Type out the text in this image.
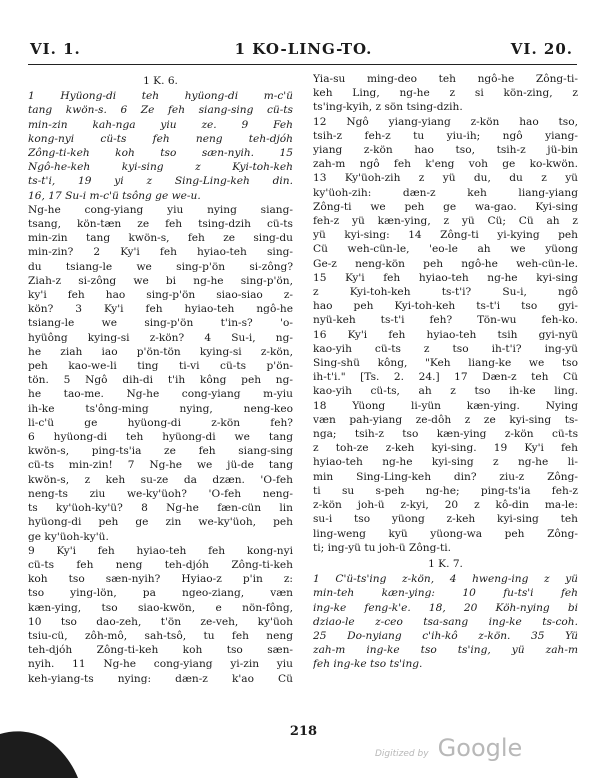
VI. 1.	1 KO-LING-TO.	VI. 20.
1 K. 6.
1 Hyüong-di teh hyüong-di m-c'ü
tang kwön-s. 6 Ze feh siang-sing cü-ts
min-zin kah-nga yiu ze. 9 Feh
kong-nyi cü-ts feh neng teh-djóh
Zông-ti-keh koh tso sæn-nyih. 15
Ngô-he-keh kyi-sing z Kyi-toh-keh
ts-t'i, 19 yi z Sing-Ling-keh din.
16, 17 Su-i m-c'ü tsông ge we-u.
Ng-he cong-yiang yiu nying siang-
tsang, kön-tæn ze feh tsing-dzih cü-ts
min-zin tang kwön-s, feh ze sing-du
min-zin? 2 Ky'i feh hyiao-teh sing-
du tsiang-le we sing-p'ön si-zông?
Ziah-z si-zông we bi ng-he sing-p'ön,
ky'i feh hao sing-p'ön siao-siao z-
kön? 3 Ky'i feh hyiao-teh ngô-he
tsiang-le we sing-p'ön t'in-s? 'o-
hyüông kying-si z-kön? 4 Su-i, ng-
he ziah iao p'ön-tön kying-si z-kön,
peh kao-we-li ting ti-vi cü-ts p'ön-
tön. 5 Ngô dih-di t'ih kông peh ng-
he tao-me. Ng-he cong-yiang m-yiu
ih-ke ts'ông-ming nying, neng-keo
li-c'ü ge hyüong-di z-kön feh?
6 hyüong-di teh hyüong-di we tang
kwön-s, ping-ts'ia ze feh siang-sing
cü-ts min-zin! 7 Ng-he we jü-de tang
kwön-s, z keh su-ze da dzæn. 'O-feh
neng-ts ziu we-ky'üoh? 'O-feh neng-
ts ky'üoh-ky'ü? 8 Ng-he fæn-cün lin
hyüong-di peh ge zin we-ky'üoh, peh
ge ky'üoh-ky'ü.
9 Ky'i feh hyiao-teh feh kong-nyi
cü-ts feh neng teh-djóh Zông-ti-keh
koh tso sæn-nyih? Hyiao-z p'in z:
tso ying-lön, pa ngeo-ziang, væn
kæn-ying, tso siao-kwön, e nön-fông,
10 tso dao-zeh, t'ön ze-veh, ky'üoh
tsiu-cü, zôh-mô, sah-tsô, tu feh neng
teh-djóh Zông-ti-keh koh tso sæn-
nyih. 11 Ng-he cong-yiang yi-zin yiu
keh-yiang-ts nying: dæn-z k'ao Cü
Yia-su ming-deo teh ngô-he Zông-ti-
keh Ling, ng-he z si kön-zing, z
ts'ing-kyih, z sön tsing-dzih.
12 Ngô yiang-yiang z-kön hao tso,
tsih-z feh-z tu yiu-ih; ngô yiang-
yiang z-kön hao tso, tsih-z jü-bin
zah-m ngô feh k'eng voh ge ko-kwön.
13 Ky'üoh-zih z yü du, du z yü
ky'üoh-zih: dæn-z keh liang-yiang
Zông-ti we peh ge wa-gao. Kyi-sing
feh-z yü kæn-ying, z yü Cü; Cü ah z
yü kyi-sing: 14 Zông-ti yi-kying peh
Cü weh-cün-le, 'eo-le ah we yüong
Ge-z neng-kön peh ngô-he weh-cün-le.
15 Ky'i feh hyiao-teh ng-he kyi-sing
z Kyi-toh-keh ts-t'i? Su-i, ngô
hao peh Kyi-toh-keh ts-t'i tso gyi-
nyü-keh ts-t'i feh? Tön-wu feh-ko.
16 Ky'i feh hyiao-teh tsih gyi-nyü
kao-yih cü-ts z tso ih-t'i? ing-yü
Sing-shü kông, "Keh liang-ke we tso
ih-t'i." [Ts. 2. 24.] 17 Dæn-z teh Cü
kao-yih cü-ts, ah z tso ih-ke ling.
18 Yüong li-yün kæn-ying. Nying
væn pah-yiang ze-dôh z ze kyi-sing ts-
nga; tsih-z tso kæn-ying z-kön cü-ts
z toh-ze z-keh kyi-sing. 19 Ky'i feh
hyiao-teh ng-he kyi-sing z ng-he li-
min Sing-Ling-keh din? ziu-z Zông-
ti su s-peh ng-he; ping-ts'ia feh-z
z-kön joh-ü z-kyi, 20 z kô-din ma-le:
su-i tso yüong z-keh kyi-sing teh
ling-weng kyü yüong-wa peh Zông-
ti; ing-yü tu joh-ü Zông-ti.
1 K. 7.
1 C'ü-ts'ing z-kön, 4 hweng-ing z yü
min-teh kæn-ying: 10 fu-ts'i feh
ing-ke feng-k'e. 18, 20 Köh-nying bi
dziao-le z-ceo tsa-sang ing-ke ts-coh.
25 Do-nyiang c'ih-kô z-kön. 35 Yü
zah-m ing-ke tso ts'ing, yü zah-m
feh ing-ke tso ts'ing.
218
Digitized by Google
